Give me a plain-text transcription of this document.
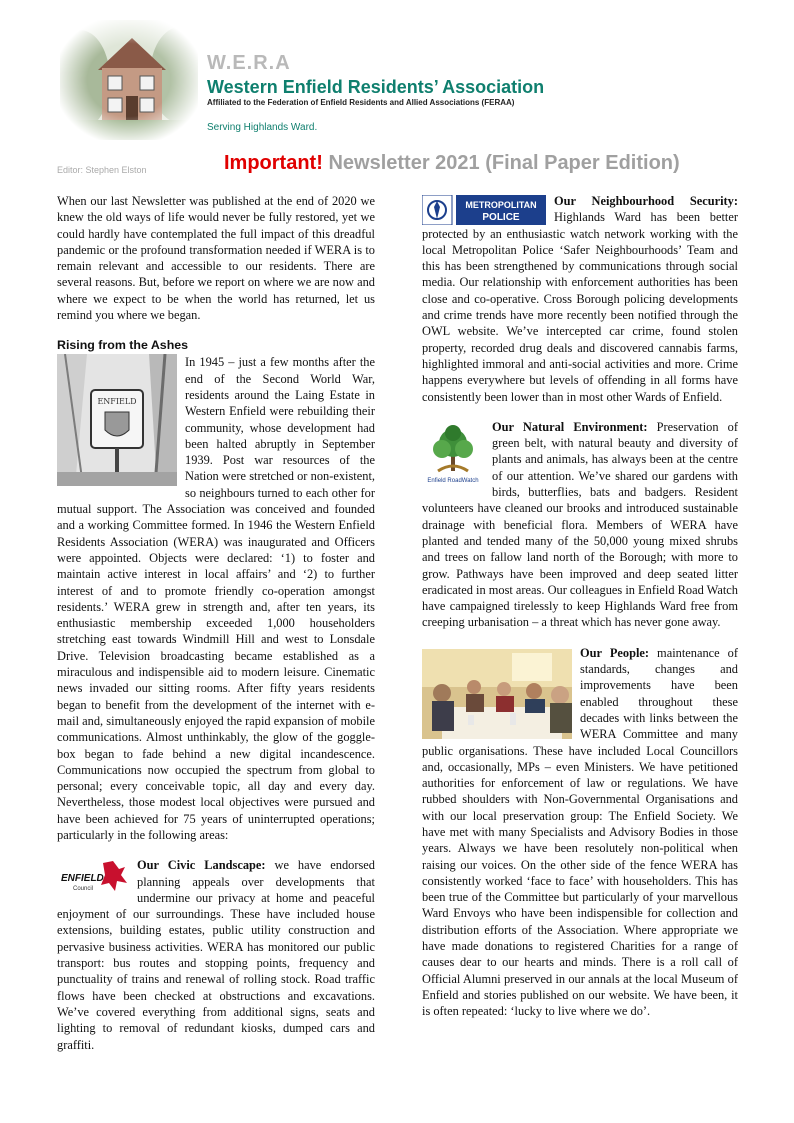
W.E.R.A
Western Enfield Residents’ Association
Affiliated to the Federation of Enfield Residents and Allied Associations (FERAA)
Serving Highlands Ward.
Editor: Stephen Elston	Important! Newsletter 2021 (Final Paper Edition)

When our last Newsletter was published at the end of 2020 we knew the old ways of life would never be fully restored, yet we could hardly have contemplated the full impact of this dreadful pandemic or the profound transformation needed if WERA is to remain relevant and accessible to our residents. There are several reasons. But, before we report on where we are now and where we expect to be when the world has returned, let us remind you where we began.

Rising from the Ashes
ENFIELD
In 1945 – just a few months after the end of the Second World War, residents around the Laing Estate in Western Enfield were rebuilding their community, whose development had been halted abruptly in September 1939. Post war resources of the Nation were stretched or non-existent, so neighbours turned to each other for mutual support. The Association was conceived and founded and a working Committee formed. In 1946 the Western Enfield Residents Association (WERA) was inaugurated and Officers were appointed. Objects were declared: ‘1) to foster and maintain active interest in local affairs’ and ‘2) to further interest of and to promote friendly co-operation amongst residents.’ WERA grew in strength and, after ten years, its enthusiastic membership exceeded 1,000 householders stretching east towards Windmill Hill and west to Lonsdale Drive. Television broadcasting became established as a miraculous and indispensible aid to modern leisure. Cinematic news invaded our sitting rooms. After fifty years residents began to benefit from the development of the internet with e-mail and, simultaneously enjoyed the rapid expansion of mobile communications. Almost unthinkably, the glow of the goggle-box began to fade behind a new digital incandescence. Communications now occupied the spectrum from global to personal; every conceivable topic, all day and every day. Nevertheless, those modest local objectives were pursued and have been achieved for 75 years of uninterrupted operations; particularly in the following areas:
ENFIELD
Council
Our Civic Landscape: we have endorsed planning appeals over developments that undermine our privacy at home and peaceful enjoyment of our surroundings. These have included house extensions, building estates, public utility construction and pervasive business activities. WERA has monitored our public transport: bus routes and stopping points, frequency and punctuality of trains and renewal of rolling stock. Road traffic flows have been checked at obstructions and excavations. We’ve covered everything from additional signs, seats and lighting to removal of redundant kiosks, dumped cars and graffiti.
METROPOLITAN
POLICE
Our Neighbourhood Security: Highlands Ward has been better protected by an enthusiastic watch network working with the local Metropolitan Police ‘Safer Neighbourhoods’ Team and this has been strengthened by communications through social media. Our relationship with enforcement authorities has been close and co-operative. Cross Borough policing developments and crime trends have more recently been notified through the OWL website. We’ve intercepted car crime, found stolen property, recorded drug deals and discovered cannabis farms, highlighted immoral and anti-social activities and more. Crime happens everywhere but levels of offending in all forms have consistently been lower than in most other Wards of Enfield.
Enfield RoadWatch
Our Natural Environment: Preservation of green belt, with natural beauty and diversity of plants and animals, has always been at the centre of our attention. We’ve shared our gardens with birds, butterflies, bats and badgers. Resident volunteers have cleaned our brooks and introduced sustainable drainage with beneficial flora. Members of WERA have planted and tended many of the 50,000 young mixed shrubs and trees on fallow land north of the Borough; with more to grow. Pathways have been improved and deep seated litter eradicated in most areas. Our colleagues in Enfield Road Watch have campaigned tirelessly to keep Highlands Ward free from creeping urbanisation – a threat which has never gone away.
Our People: maintenance of standards, changes and improvements have been enabled throughout these decades with links between the WERA Committee and many public organisations. These have included Local Councillors and, occasionally, MPs – even Ministers. We have petitioned authorities for enforcement of law or regulations. We have rubbed shoulders with Non-Governmental Organisations and with our local preservation group: The Enfield Society. We have met with many Specialists and Advisory Bodies in those years. Always we have been resolutely non-political when raising our voices. On the other side of the fence WERA has consistently worked ‘face to face’ with householders. This has been true of the Committee but particularly of your marvellous Ward Envoys who have been indispensible for collection and distribution efforts of the Association. Where appropriate we have made donations to registered Charities for a range of causes dear to our hearts and minds. There is a roll call of Official Alumni preserved in our annals at the local Museum of Enfield and stories published on our website. We have been, it is often repeated: ‘lucky to live where we do’.
